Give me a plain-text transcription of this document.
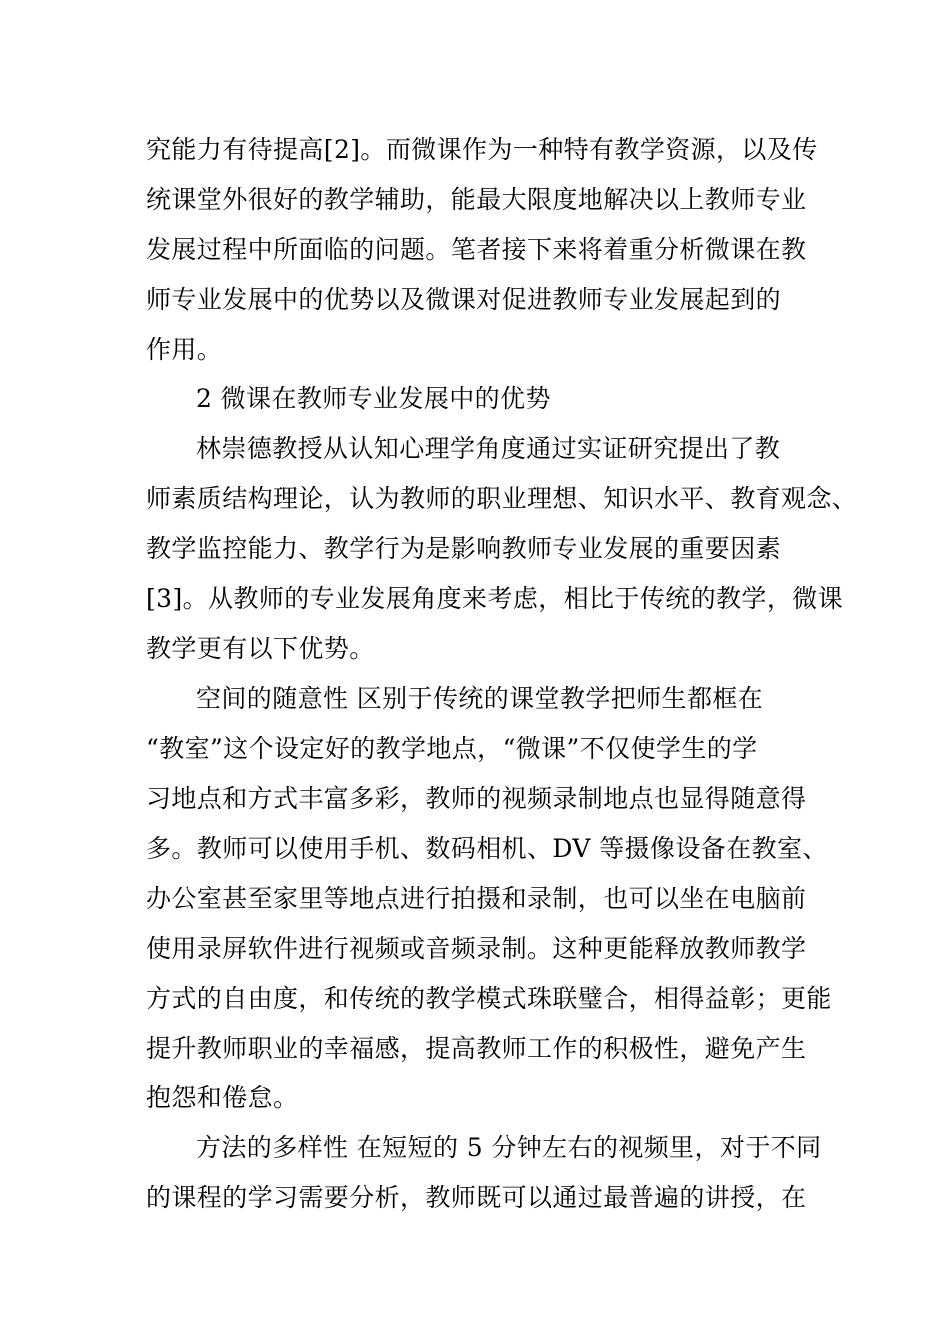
究能力有待提高[2]。而微课作为一种特有教学资源，以及传
统课堂外很好的教学辅助，能最大限度地解决以上教师专业
发展过程中所面临的问题。笔者接下来将着重分析微课在教
师专业发展中的优势以及微课对促进教师专业发展起到的
作用。
2 微课在教师专业发展中的优势
林崇德教授从认知心理学角度通过实证研究提出了教
师素质结构理论，认为教师的职业理想、知识水平、教育观念、
教学监控能力、教学行为是影响教师专业发展的重要因素
[3]。从教师的专业发展角度来考虑，相比于传统的教学，微课
教学更有以下优势。
空间的随意性 区别于传统的课堂教学把师生都框在
“教室”这个设定好的教学地点，“微课”不仅使学生的学
习地点和方式丰富多彩，教师的视频录制地点也显得随意得
多。教师可以使用手机、数码相机、DV 等摄像设备在教室、
办公室甚至家里等地点进行拍摄和录制，也可以坐在电脑前
使用录屏软件进行视频或音频录制。这种更能释放教师教学
方式的自由度，和传统的教学模式珠联璧合，相得益彰；更能
提升教师职业的幸福感，提高教师工作的积极性，避免产生
抱怨和倦怠。
方法的多样性 在短短的 5 分钟左右的视频里，对于不同
的课程的学习需要分析，教师既可以通过最普遍的讲授，在
